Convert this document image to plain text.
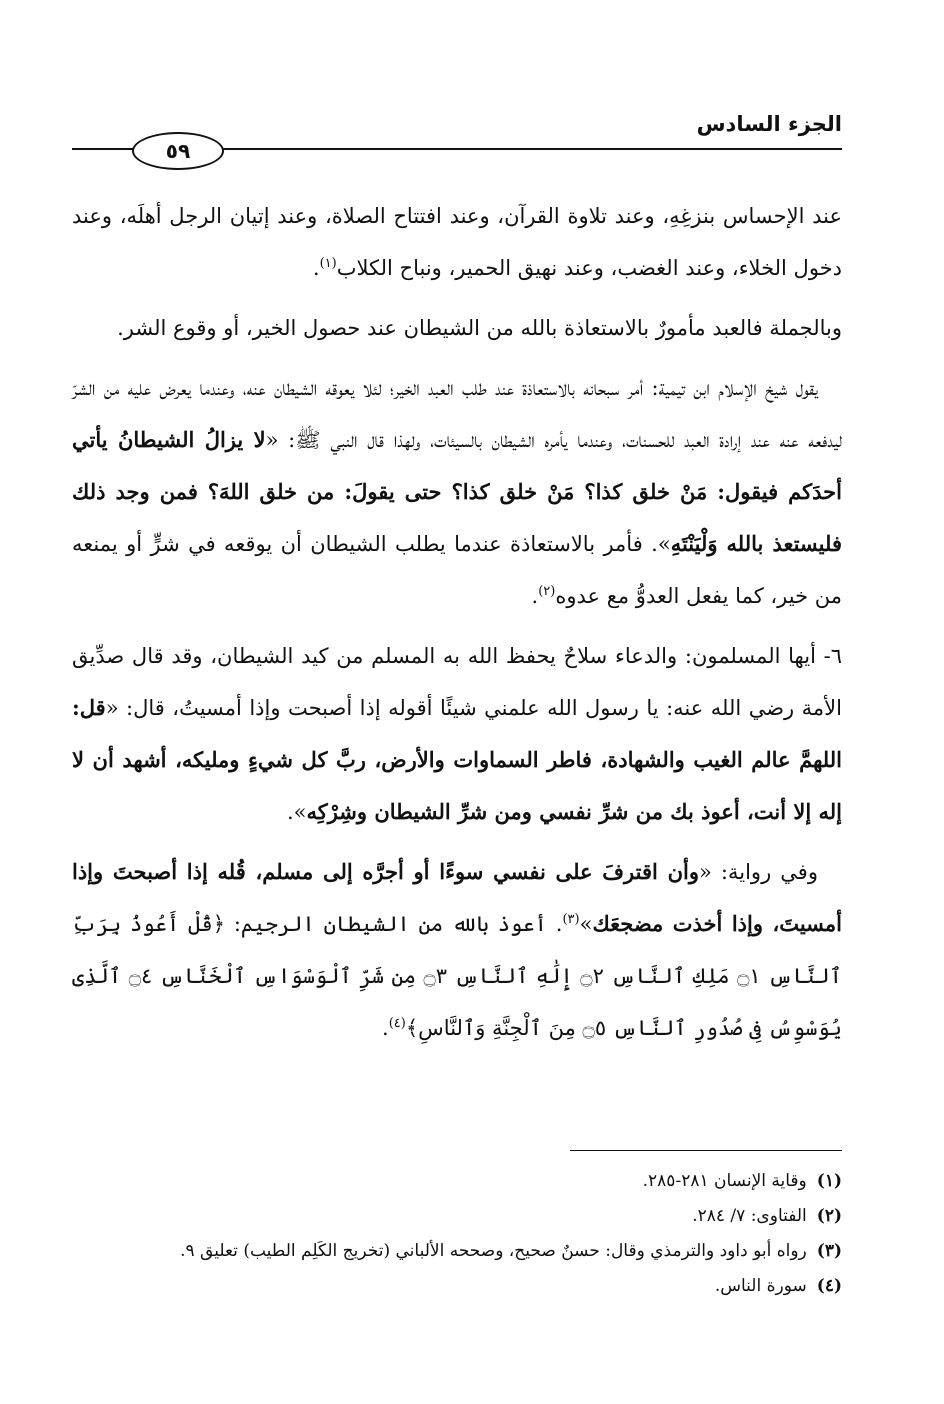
الجزء السادس
٥٩

عند الإحساس بنزغِهِ، وعند تلاوة القرآن، وعند افتتاح الصلاة، وعند إتيان الرجل أهلَه، وعند دخول الخلاء، وعند الغضب، وعند نهيق الحمير، ونباح الكلاب$^{(١)}$.

وبالجملة فالعبد مأمورٌ بالاستعاذة بالله من الشيطان عند حصول الخير، أو وقوع الشر.

يقول شيخ الإسلام ابن تيمية: أمر سبحانه بالاستعاذة عند طلب العبد الخير؛ لئلا يعوقه الشيطان عنه، وعندما يعرض عليه من الشرّ ليدفعه عنه عند إرادة العبد للحسنات، وعندما يأمره الشيطان بالسيئات، ولهذا قال النبي ﷺ: «لا يزالُ الشيطانُ يأتي أحدَكم فيقول: مَنْ خلق كذا؟ مَنْ خلق كذا؟ حتى يقولَ: من خلق اللهَ؟ فمن وجد ذلك فليستعذ بالله وَلْيَنْتَهِ». فأمر بالاستعاذة عندما يطلب الشيطان أن يوقعه في شرٍّ أو يمنعه من خير، كما يفعل العدوُّ مع عدوه$^{(٢)}$.

٦- أيها المسلمون: والدعاء سلاحٌ يحفظ الله به المسلم من كيد الشيطان، وقد قال صدِّيق الأمة رضي الله عنه: يا رسول الله علمني شيئًا أقوله إذا أصبحت وإذا أمسيتُ، قال: «قل: اللهمَّ عالم الغيب والشهادة، فاطر السماوات والأرض، ربَّ كل شيءٍ ومليكه، أشهد أن لا إله إلا أنت، أعوذ بك من شرِّ نفسي ومن شرِّ الشيطان وشِرْكِه».

وفي رواية: «وأن اقترفَ على نفسي سوءًا أو أجرَّه إلى مسلم، قُله إذا أصبحتَ وإذا أمسيتَ، وإذا أخذت مضجعَك»$^{(٣)}$. أعوذ بالله من الشيطان الرجيم: ﴿قُلْ أَعُوذُ بِرَبِّ ٱلنَّاسِ ۝١ مَلِكِ ٱلنَّاسِ ۝٢ إِلَٰهِ ٱلنَّاسِ ۝٣ مِن شَرِّ ٱلْوَسْوَاسِ ٱلْخَنَّاسِ ۝٤ ٱلَّذِى يُوَسْوِسُ فِى صُدُورِ ٱلنَّاسِ ۝٥ مِنَ ٱلْجِنَّةِ وَٱلنَّاسِ﴾$^{(٤)}$.

(١)وقاية الإنسان ٢٨١-٢٨٥.

(٢)الفتاوى: ٧/ ٢٨٤.

(٣)رواه أبو داود والترمذي وقال: حسنٌ صحيح، وصححه الألباني (تخريج الكَلِم الطيب) تعليق ٩.

(٤)سورة الناس.
